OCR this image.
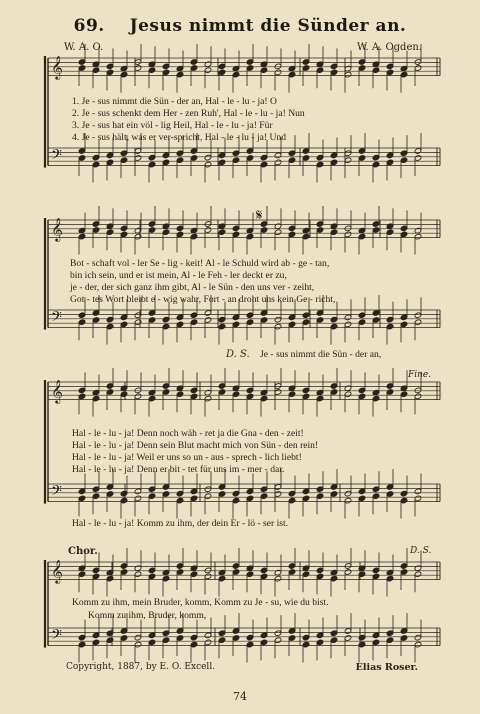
69. Jesus nimmt die Sünder an.
W. A. O.	W. A. Ogden.
𝄞
𝄢
𝄞
𝄢
𝄞
𝄢
𝄞
𝄢
1. Je - sus nimmt die Sün - der an, Hal - le - lu - ja! O
2. Je - sus schenkt dem Her - zen Ruh', Hal - le - lu - ja! Nun
3. Je - sus hat ein völ - lig Heil, Hal - le - lu - ja! Für
4. Je - sus hält, was er ver-spricht, Hal - le - lu - ja! Und
𝄋
Bot - schaft vol - ler Se - lig - keit! Al - le Schuld wird ab - ge - tan,
bin ich sein, und er ist mein, Al - le Feh - ler deckt er zu,
je - der, der sich ganz ihm gibt, Al - le Sün - den uns ver - zeiht,
Got - tes Wort bleibt e - wig wahr, Fort - an droht uns kein Ge - richt,
D. S. Je - sus nimmt die Sün - der an,
Fine.
Hal - le - lu - ja! Denn noch wäh - ret ja die Gna - den - zeit!
Hal - le - lu - ja! Denn sein Blut macht mich von Sün - den rein!
Hal - le - lu - ja! Weil er uns so un - aus - sprech - lich liebt!
Hal - le - lu - ja! Denn er bit - tet für uns im - mer - dar.
Hal - le - lu - ja! Komm zu ihm, der dein Er - lö - ser ist.
Chor.	D. S.
Komm zu ihm, mein Bruder, komm, Komm zu Je - su, wie du bist.
Komm zu ihm, Bruder, komm,
Copyright, 1887, by E. O. Excell.	Elias Roser.
74
